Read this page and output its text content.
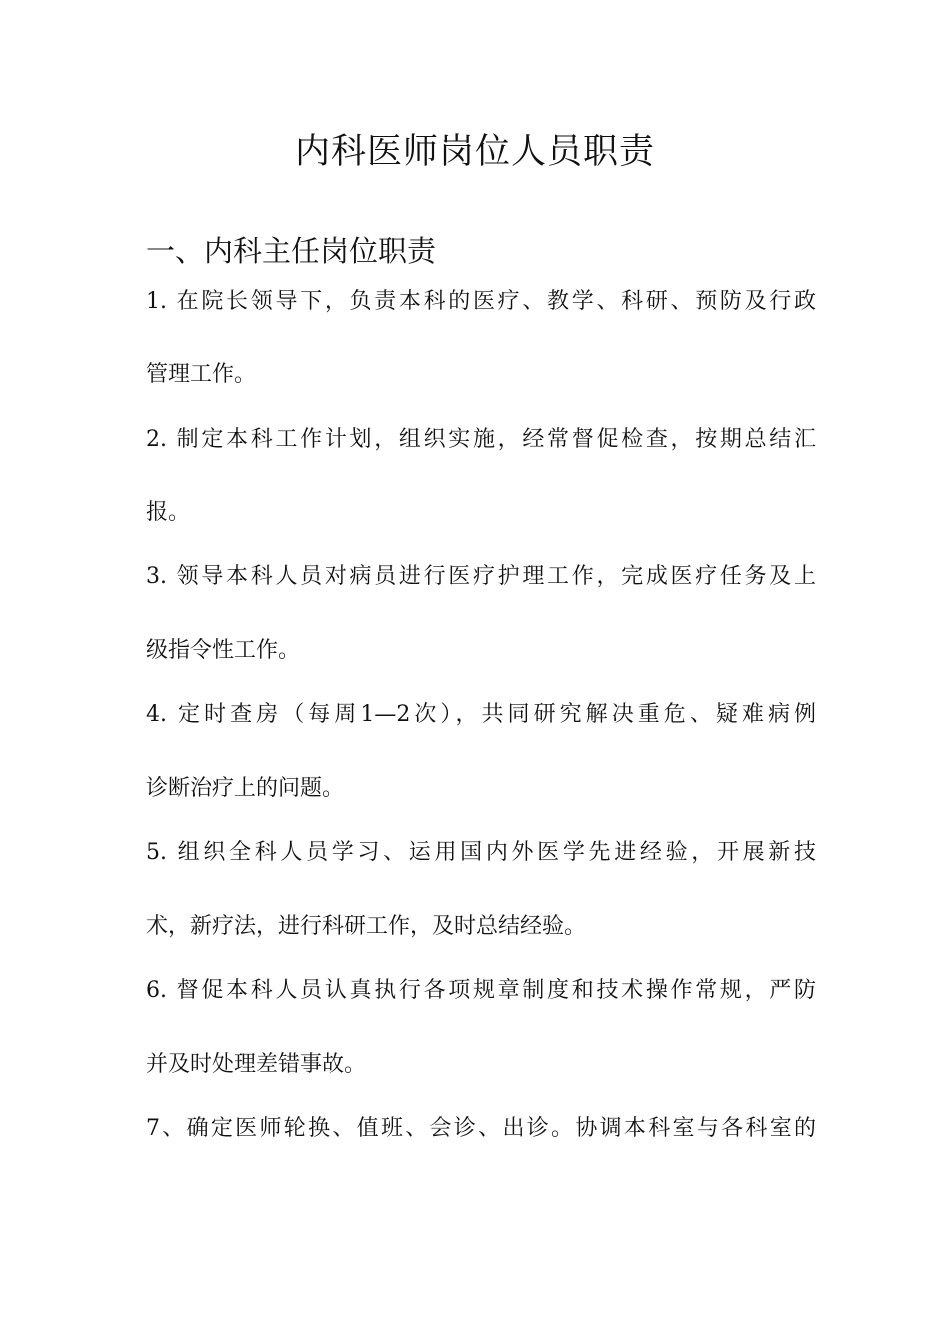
内科医师岗位人员职责
一、内科主任岗位职责

1. 在院长领导下，负责本科的医疗、教学、科研、预防及行政

管理工作。

2. 制定本科工作计划，组织实施，经常督促检查，按期总结汇

报。

3. 领导本科人员对病员进行医疗护理工作，完成医疗任务及上

级指令性工作。

4. 定时查房（每周1—2次），共同研究解决重危、疑难病例

诊断治疗上的问题。

5. 组织全科人员学习、运用国内外医学先进经验，开展新技

术，新疗法，进行科研工作，及时总结经验。

6. 督促本科人员认真执行各项规章制度和技术操作常规，严防

并及时处理差错事故。

7、确定医师轮换、值班、会诊、出诊。协调本科室与各科室的
